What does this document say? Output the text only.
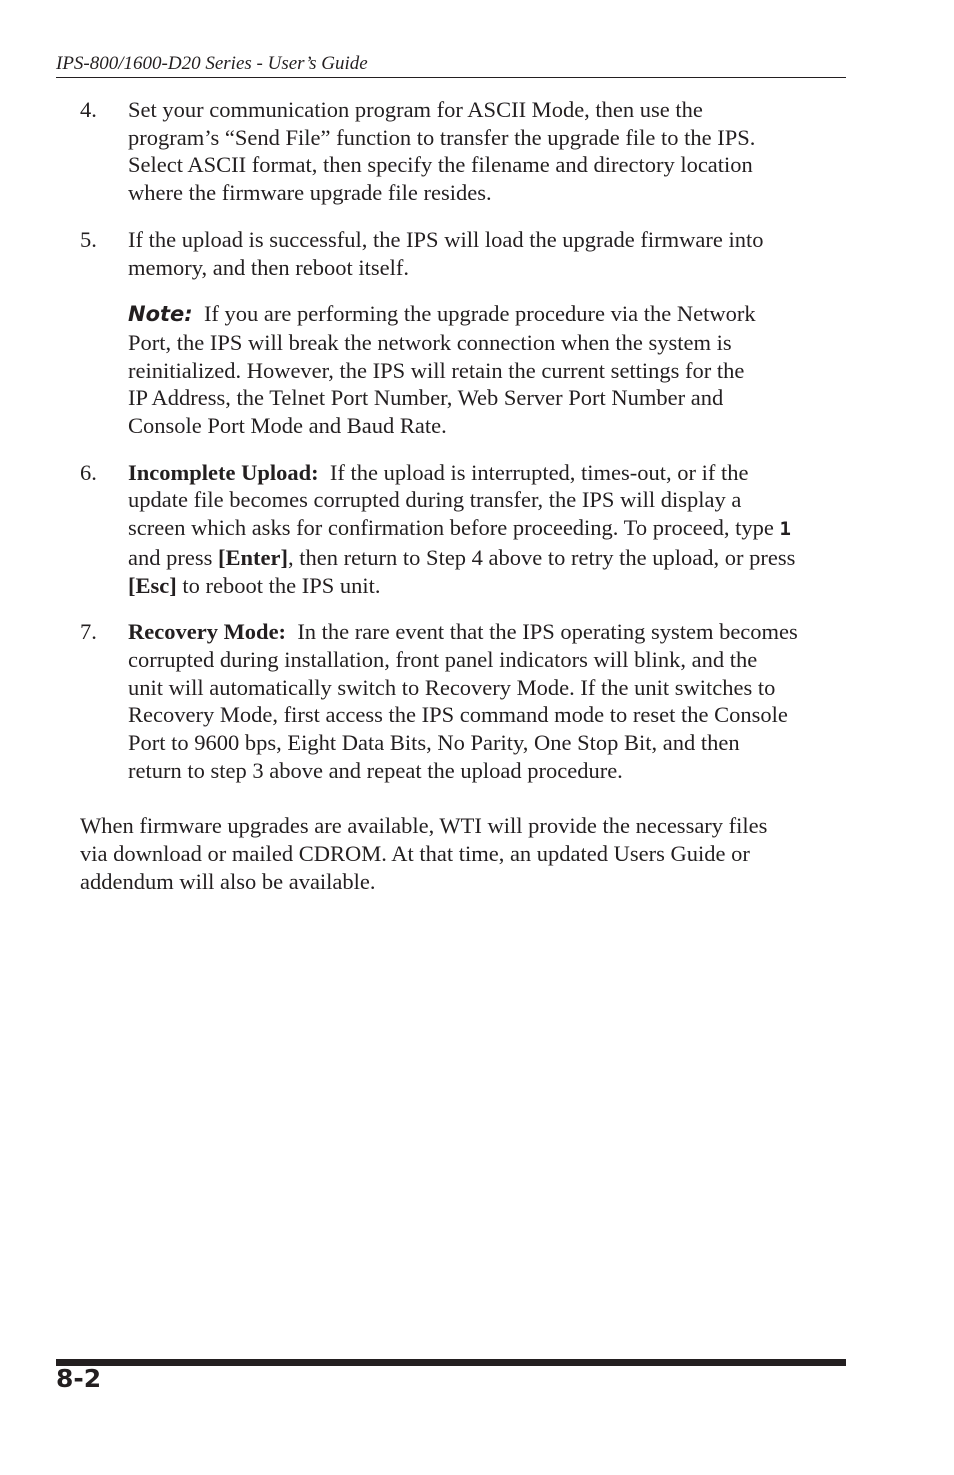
IPS-800/1600-D20 Series - User’s Guide
4. Set your communication program for ASCII Mode, then use the
program’s “Send File” function to transfer the upgrade file to the IPS.
Select ASCII format, then specify the filename and directory location
where the firmware upgrade file resides.
5. If the upload is successful, the IPS will load the upgrade firmware into
memory, and then reboot itself.
Note: If you are performing the upgrade procedure via the Network
Port, the IPS will break the network connection when the system is
reinitialized. However, the IPS will retain the current settings for the
IP Address, the Telnet Port Number, Web Server Port Number and
Console Port Mode and Baud Rate.
6. Incomplete Upload: If the upload is interrupted, times-out, or if the
update file becomes corrupted during transfer, the IPS will display a
screen which asks for confirmation before proceeding. To proceed, type 1
and press [Enter], then return to Step 4 above to retry the upload, or press
[Esc] to reboot the IPS unit.
7. Recovery Mode: In the rare event that the IPS operating system becomes
corrupted during installation, front panel indicators will blink, and the
unit will automatically switch to Recovery Mode. If the unit switches to
Recovery Mode, first access the IPS command mode to reset the Console
Port to 9600 bps, Eight Data Bits, No Parity, One Stop Bit, and then
return to step 3 above and repeat the upload procedure.
When firmware upgrades are available, WTI will provide the necessary files
via download or mailed CDROM. At that time, an updated Users Guide or
addendum will also be available.
8-2
